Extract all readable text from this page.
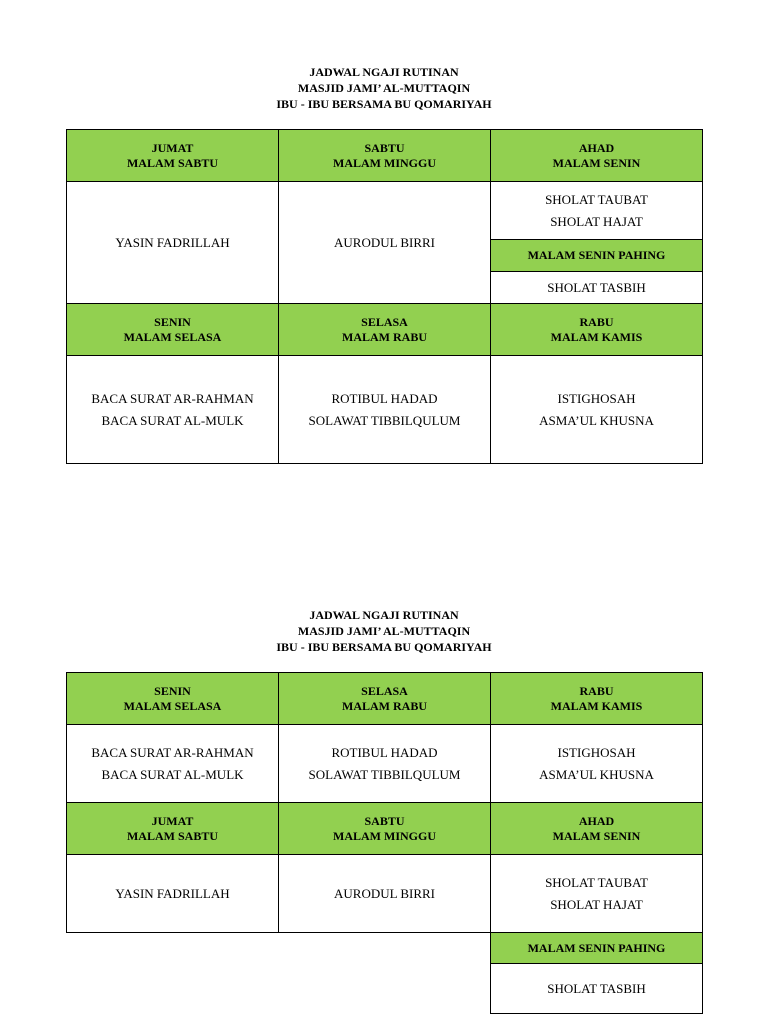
JADWAL NGAJI RUTINAN
MASJID JAMI’ AL-MUTTAQIN
IBU - IBU BERSAMA BU QOMARIYAH
JUMAT
MALAM SABTU
SABTU
MALAM MINGGU
AHAD
MALAM SENIN
YASIN FADRILLAH	AURODUL BIRRI
SHOLAT TAUBAT
SHOLAT HAJAT
MALAM SENIN PAHING
SHOLAT TASBIH
SENIN
MALAM SELASA
SELASA
MALAM RABU
RABU
MALAM KAMIS
BACA SURAT AR-RAHMAN
BACA SURAT AL-MULK
ROTIBUL HADAD
SOLAWAT TIBBILQULUM
ISTIGHOSAH
ASMA’UL KHUSNA
JADWAL NGAJI RUTINAN
MASJID JAMI’ AL-MUTTAQIN
IBU - IBU BERSAMA BU QOMARIYAH
SENIN
MALAM SELASA
SELASA
MALAM RABU
RABU
MALAM KAMIS
BACA SURAT AR-RAHMAN
BACA SURAT AL-MULK
ROTIBUL HADAD
SOLAWAT TIBBILQULUM
ISTIGHOSAH
ASMA’UL KHUSNA
JUMAT
MALAM SABTU
SABTU
MALAM MINGGU
AHAD
MALAM SENIN
YASIN FADRILLAH	AURODUL BIRRI
SHOLAT TAUBAT
SHOLAT HAJAT
MALAM SENIN PAHING
SHOLAT TASBIH
